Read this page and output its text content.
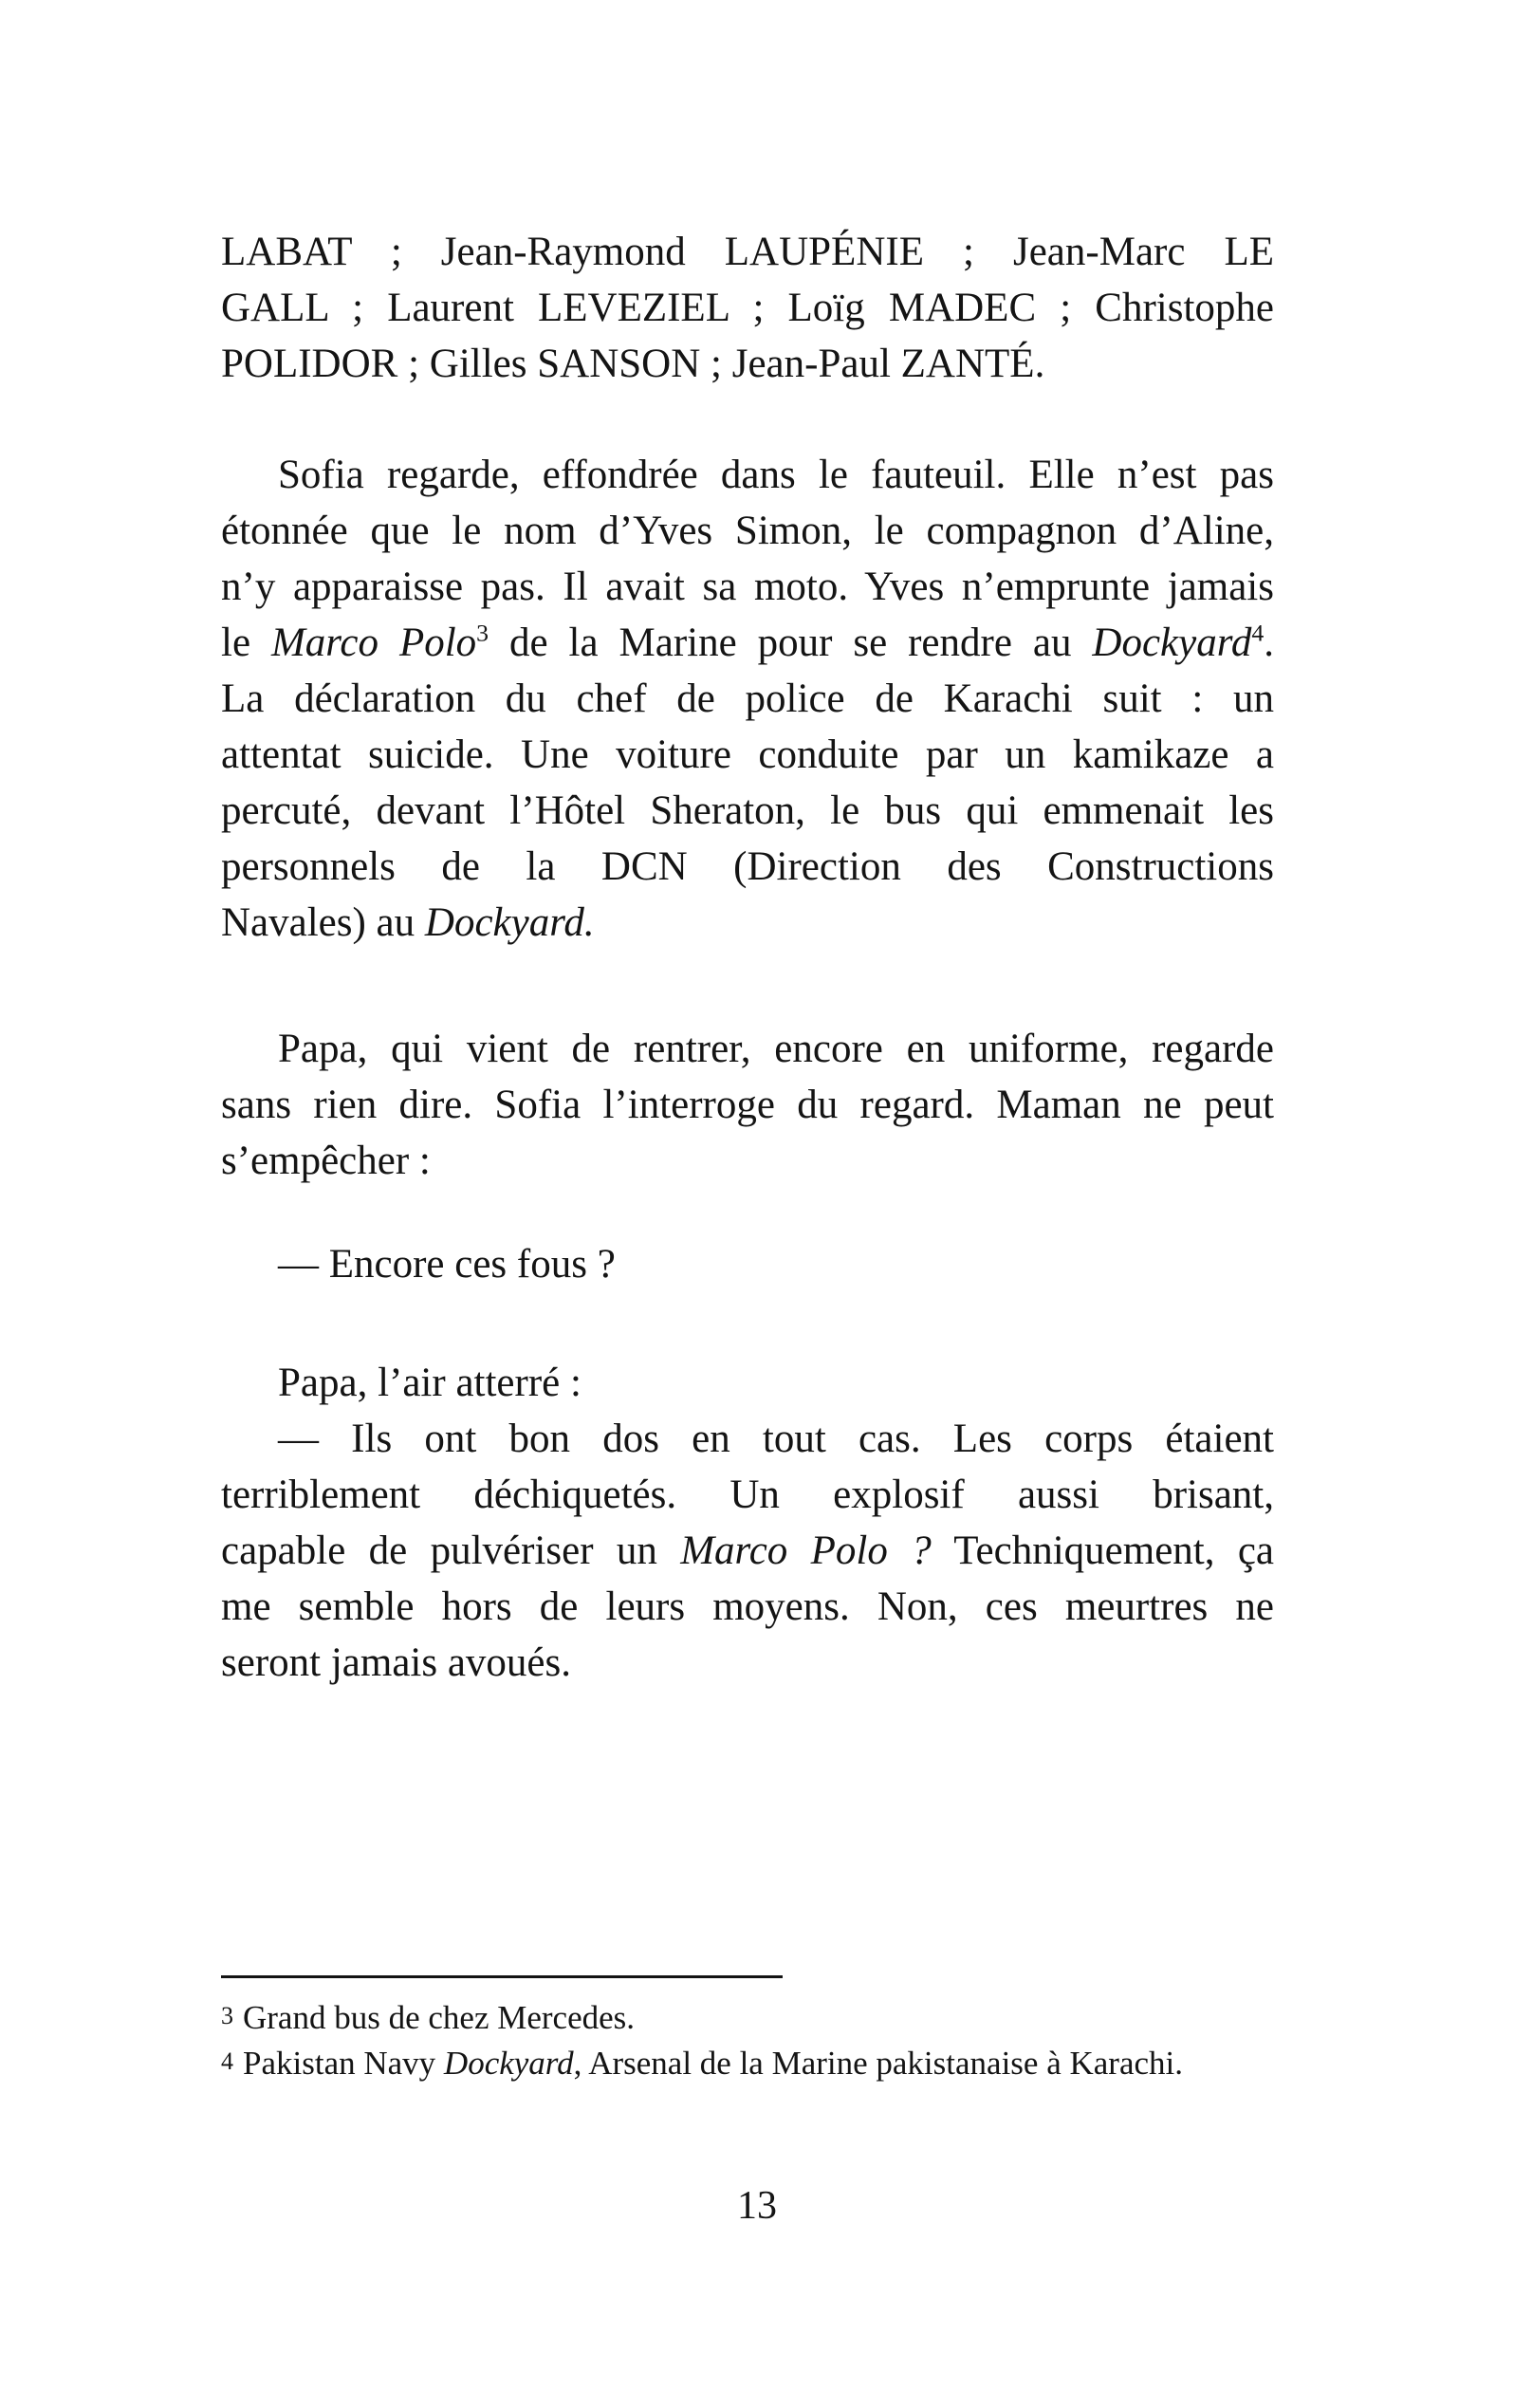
LABAT ; Jean-Raymond LAUPÉNIE ; Jean-Marc LE
GALL ; Laurent LEVEZIEL ; Loïg MADEC ; Christophe
POLIDOR ; Gilles SANSON ; Jean-Paul ZANTÉ.

Sofia regarde, effondrée dans le fauteuil. Elle n’est pas
étonnée que le nom d’Yves Simon, le compagnon d’Aline,
n’y apparaisse pas. Il avait sa moto. Yves n’emprunte jamais
le Marco Polo$^3$ de la Marine pour se rendre au Dockyard$^4$.
La déclaration du chef de police de Karachi suit : un
attentat suicide. Une voiture conduite par un kamikaze a
percuté, devant l’Hôtel Sheraton, le bus qui emmenait les
personnels de la DCN (Direction des Constructions
Navales) au Dockyard.

Papa, qui vient de rentrer, encore en uniforme, regarde
sans rien dire. Sofia l’interroge du regard. Maman ne peut
s’empêcher :

— Encore ces fous ?

Papa, l’air atterré :
— Ils ont bon dos en tout cas. Les corps étaient
terriblement déchiquetés. Un explosif aussi brisant,
capable de pulvériser un Marco Polo ? Techniquement, ça
me semble hors de leurs moyens. Non, ces meurtres ne
seront jamais avoués.

$^3$ Grand bus de chez Mercedes.

$^4$ Pakistan Navy Dockyard, Arsenal de la Marine pakistanaise à Karachi.

13
